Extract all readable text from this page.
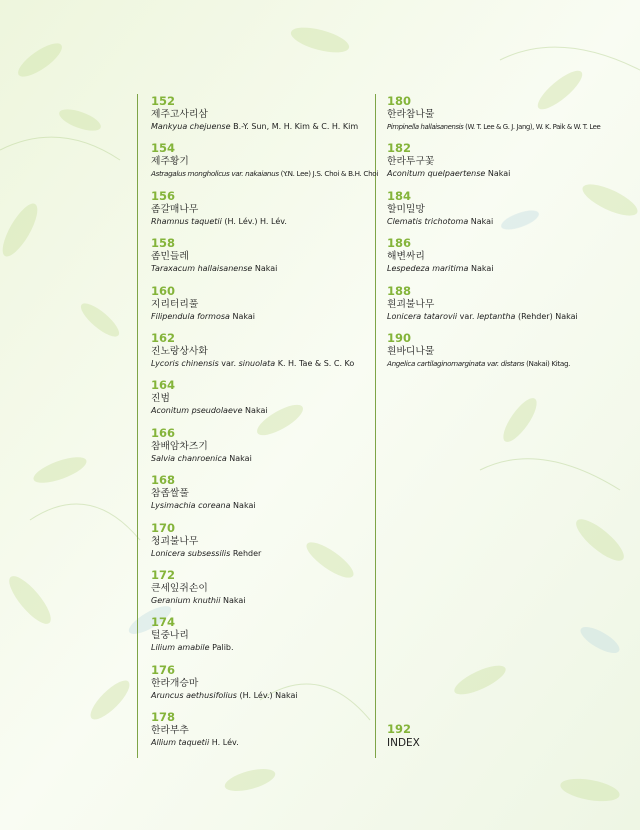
152
제주고사리삼
Mankyua chejuense B.-Y. Sun, M. H. Kim & C. H. Kim
154
제주황기
Astragalus mongholicus var. nakaianus (Y.N. Lee) J.S. Choi & B.H. Choi
156
좀갈매나무
Rhamnus taquetii (H. Lév.) H. Lév.
158
좀민들레
Taraxacum hallaisanense Nakai
160
지리터리풀
Filipendula formosa Nakai
162
진노랑상사화
Lycoris chinensis var. sinuolata K. H. Tae & S. C. Ko
164
진범
Aconitum pseudolaeve Nakai
166
참배암차즈기
Salvia chanroenica Nakai
168
참좁쌀풀
Lysimachia coreana Nakai
170
청괴불나무
Lonicera subsessilis Rehder
172
큰세잎쥐손이
Geranium knuthii Nakai
174
털중나리
Lilium amabile Palib.
176
한라개승마
Aruncus aethusifolius (H. Lév.) Nakai
178
한라부추
Allium taquetii H. Lév.
180
한라참나물
Pimpinella hallaisanensis (W. T. Lee & G. J. Jang), W. K. Paik & W. T. Lee
182
한라투구꽃
Aconitum quelpaertense Nakai
184
할미밀망
Clematis trichotoma Nakai
186
해변싸리
Lespedeza maritima Nakai
188
흰괴불나무
Lonicera tatarovii var. leptantha (Rehder) Nakai
190
흰바디나물
Angelica cartilaginomarginata var. distans (Nakai) Kitag.
192
INDEX
